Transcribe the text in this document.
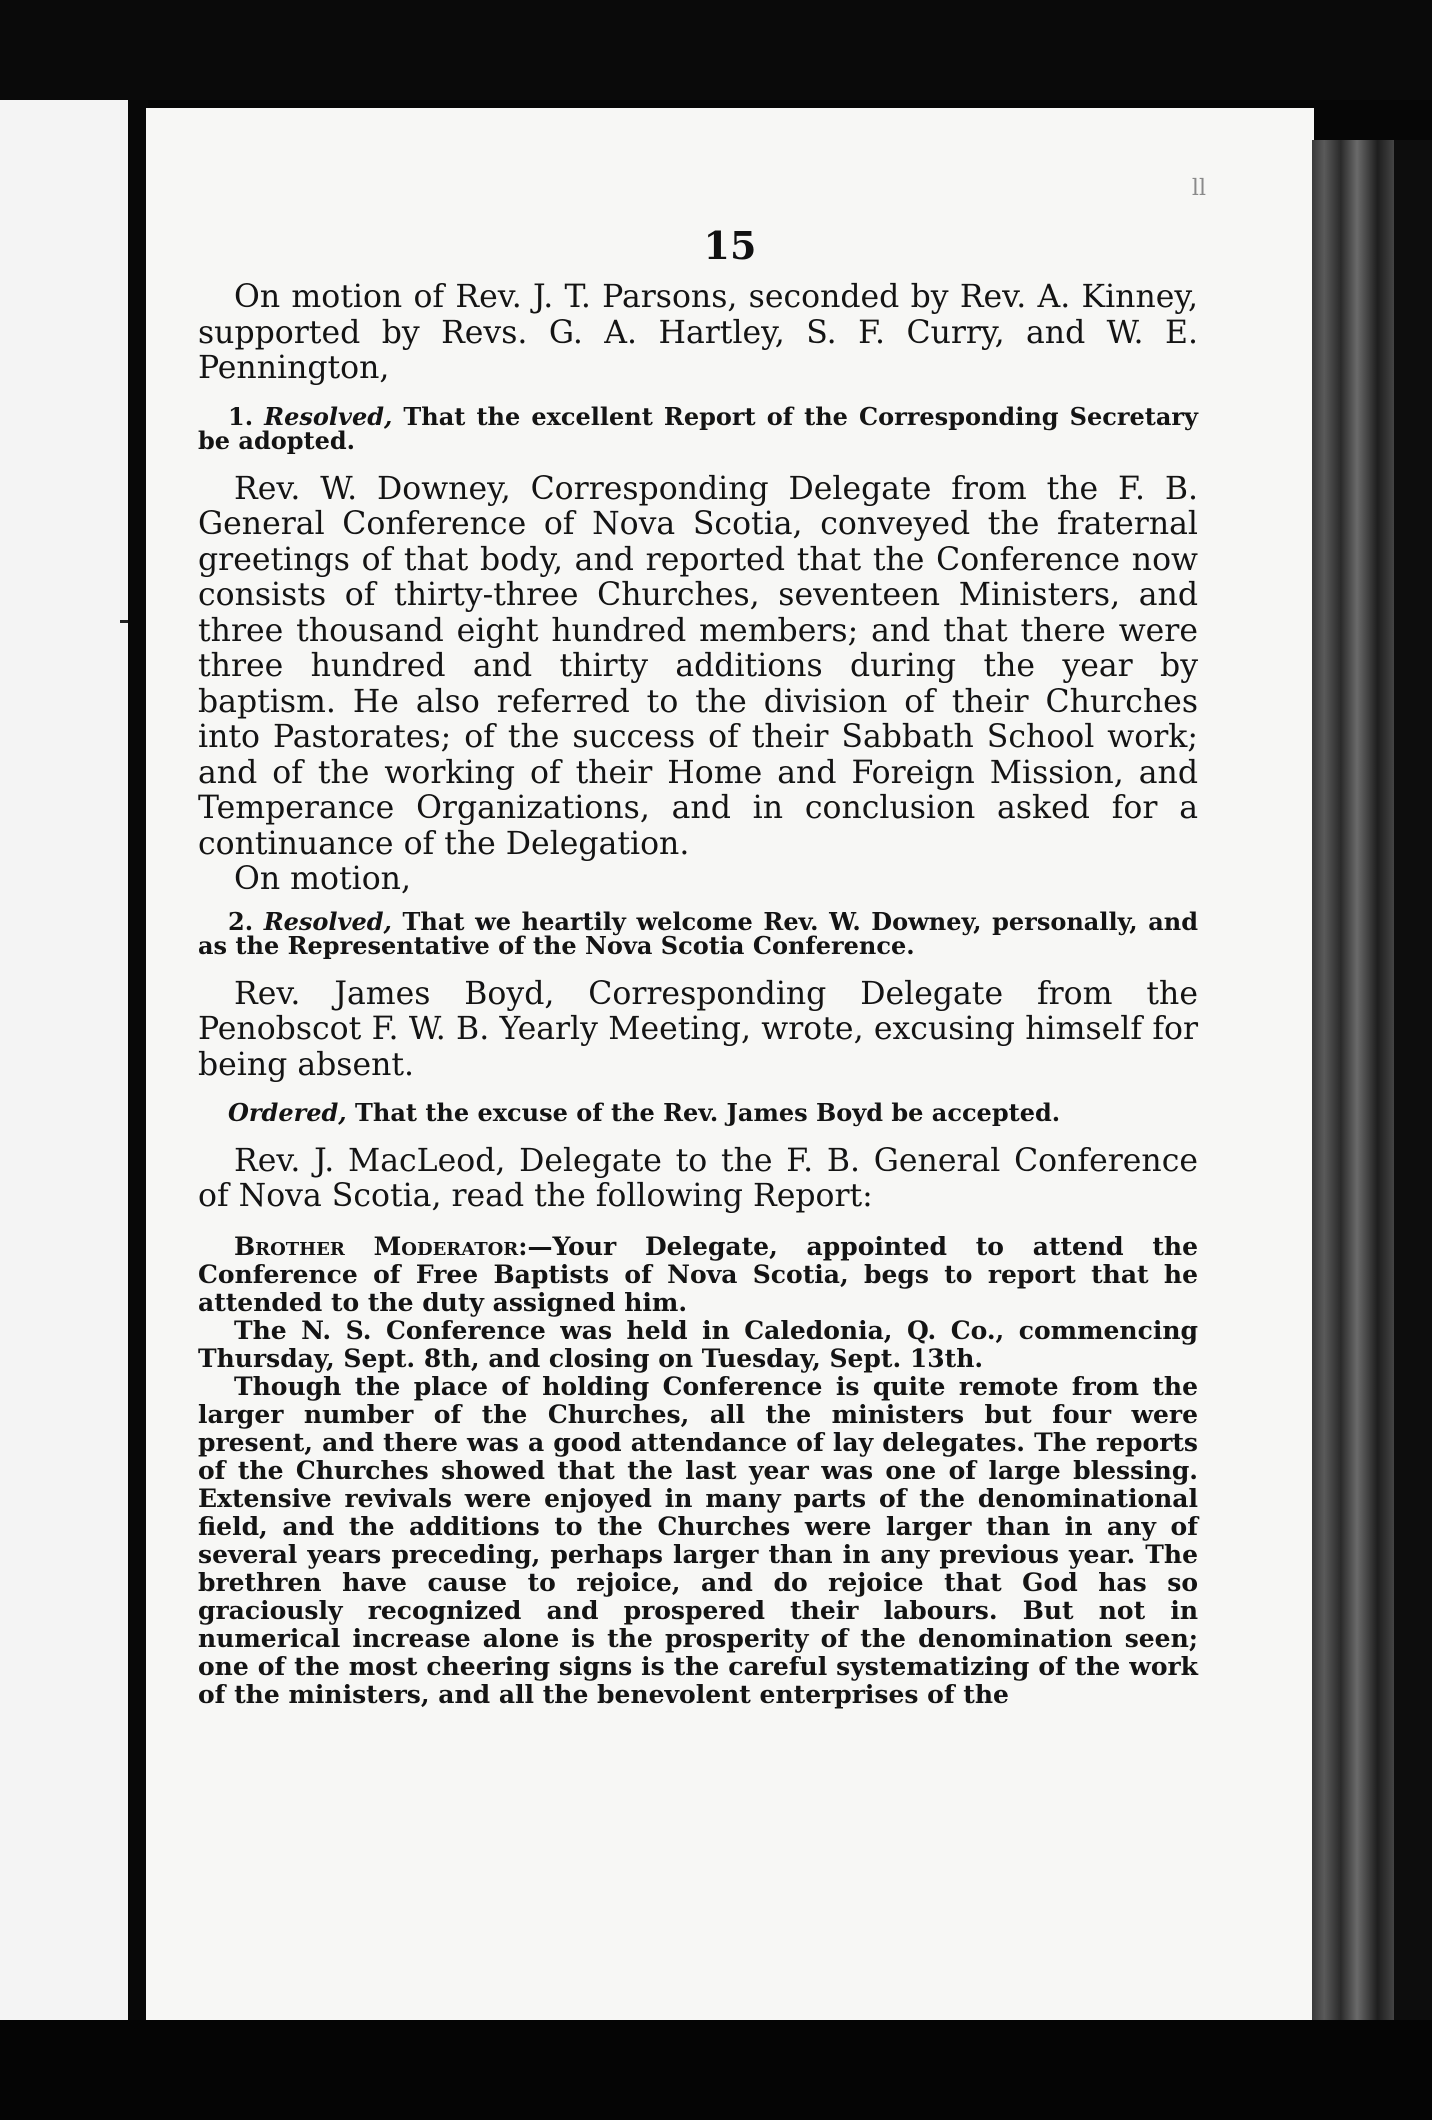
ll
15

On motion of Rev. J. T. Parsons, seconded by Rev. A. Kinney, supported by Revs. G. A. Hartley, S. F. Curry, and W. E. Pennington,

1. Resolved, That the excellent Report of the Corresponding Secretary be adopted.

Rev. W. Downey, Corresponding Delegate from the F. B. General Conference of Nova Scotia, conveyed the fraternal greetings of that body, and reported that the Conference now consists of thirty-three Churches, seventeen Ministers, and three thousand eight hundred members; and that there were three hundred and thirty additions during the year by baptism. He also referred to the division of their Churches into Pastorates; of the success of their Sabbath School work; and of the working of their Home and Foreign Mission, and Temperance Organizations, and in conclusion asked for a continuance of the Delegation.

On motion,

2. Resolved, That we heartily welcome Rev. W. Downey, personally, and as the Representative of the Nova Scotia Conference.

Rev. James Boyd, Corresponding Delegate from the Penobscot F. W. B. Yearly Meeting, wrote, excusing himself for being absent.

Ordered, That the excuse of the Rev. James Boyd be accepted.

Rev. J. MacLeod, Delegate to the F. B. General Conference of Nova Scotia, read the following Report:

Brother Moderator:—Your Delegate, appointed to attend the Conference of Free Baptists of Nova Scotia, begs to report that he attended to the duty assigned him.

The N. S. Conference was held in Caledonia, Q. Co., commencing Thursday, Sept. 8th, and closing on Tuesday, Sept. 13th.

Though the place of holding Conference is quite remote from the larger number of the Churches, all the ministers but four were present, and there was a good attendance of lay delegates. The reports of the Churches showed that the last year was one of large blessing. Extensive revivals were enjoyed in many parts of the denominational field, and the additions to the Churches were larger than in any of several years preceding, perhaps larger than in any previous year. The brethren have cause to rejoice, and do rejoice that God has so graciously recognized and prospered their labours. But not in numerical increase alone is the prosperity of the denomination seen; one of the most cheering signs is the careful systematizing of the work of the ministers, and all the benevolent enterprises of the
